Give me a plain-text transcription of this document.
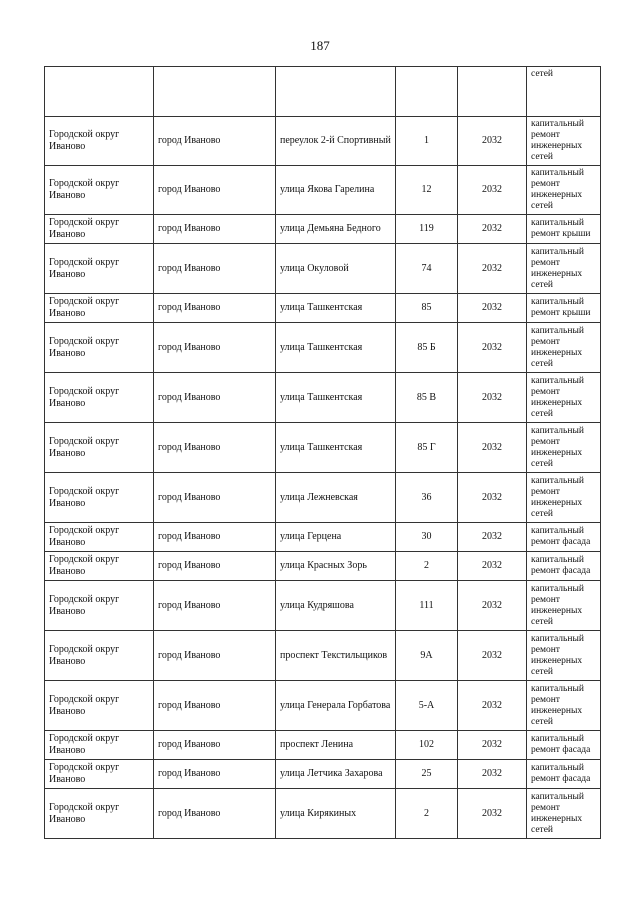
187
					сетей
Городской округ Иваново	город Иваново	переулок 2-й Спортивный	1	2032	капитальный ремонт инженерных сетей
Городской округ Иваново	город Иваново	улица Якова Гарелина	12	2032	капитальный ремонт инженерных сетей
Городской округ Иваново	город Иваново	улица Демьяна Бедного	119	2032	капитальный ремонт крыши
Городской округ Иваново	город Иваново	улица Окуловой	74	2032	капитальный ремонт инженерных сетей
Городской округ Иваново	город Иваново	улица Ташкентская	85	2032	капитальный ремонт крыши
Городской округ Иваново	город Иваново	улица Ташкентская	85 Б	2032	капитальный ремонт инженерных сетей
Городской округ Иваново	город Иваново	улица Ташкентская	85 В	2032	капитальный ремонт инженерных сетей
Городской округ Иваново	город Иваново	улица Ташкентская	85 Г	2032	капитальный ремонт инженерных сетей
Городской округ Иваново	город Иваново	улица Лежневская	36	2032	капитальный ремонт инженерных сетей
Городской округ Иваново	город Иваново	улица Герцена	30	2032	капитальный ремонт фасада
Городской округ Иваново	город Иваново	улица Красных Зорь	2	2032	капитальный ремонт фасада
Городской округ Иваново	город Иваново	улица Кудряшова	111	2032	капитальный ремонт инженерных сетей
Городской округ Иваново	город Иваново	проспект Текстильщиков	9А	2032	капитальный ремонт инженерных сетей
Городской округ Иваново	город Иваново	улица Генерала Горбатова	5-А	2032	капитальный ремонт инженерных сетей
Городской округ Иваново	город Иваново	проспект Ленина	102	2032	капитальный ремонт фасада
Городской округ Иваново	город Иваново	улица Летчика Захарова	25	2032	капитальный ремонт фасада
Городской округ Иваново	город Иваново	улица Кирякиных	2	2032	капитальный ремонт инженерных сетей
